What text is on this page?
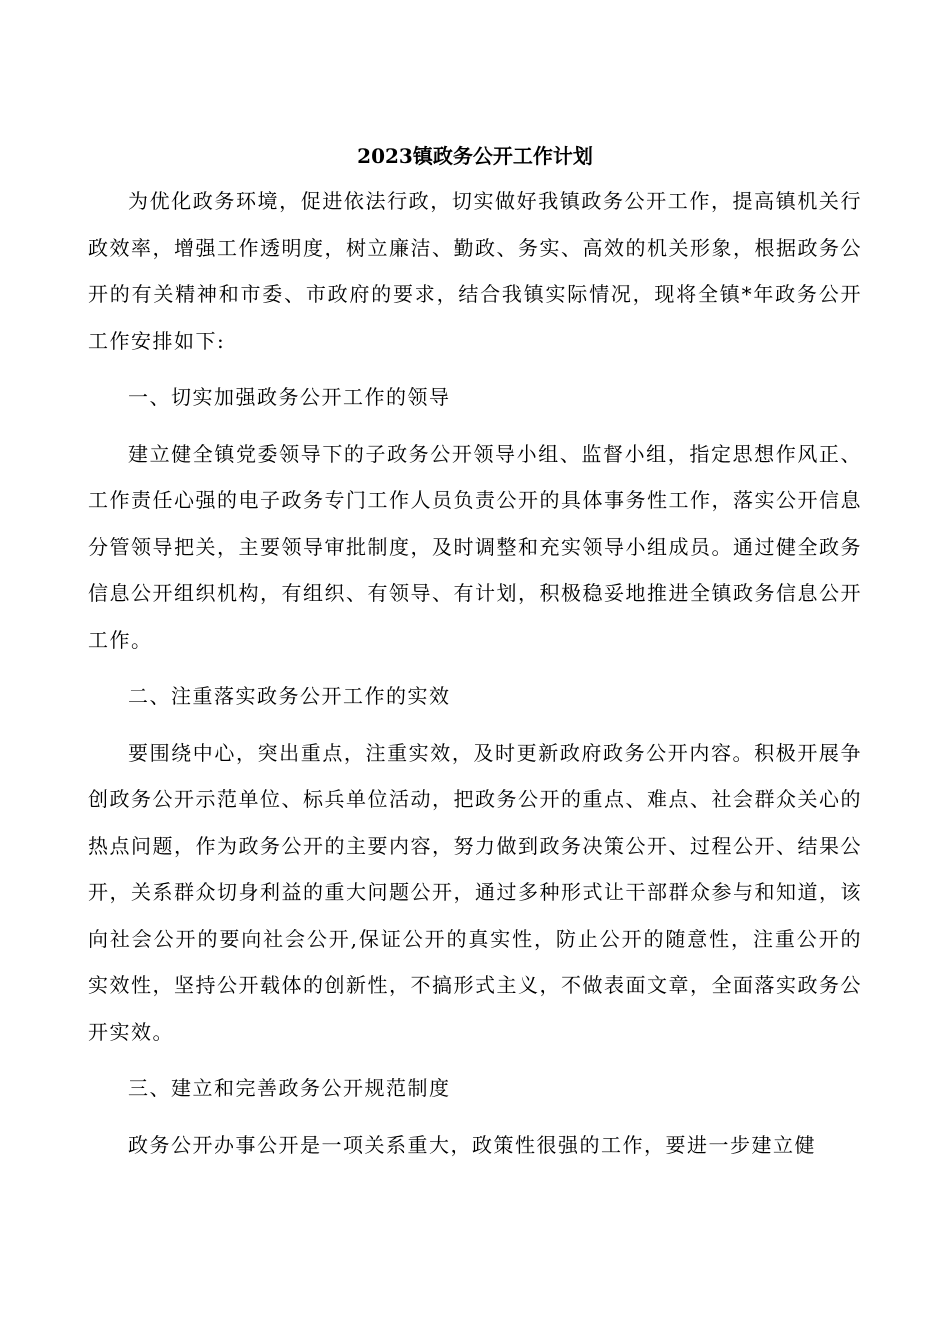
2023镇政务公开工作计划

为优化政务环境，促进依法行政，切实做好我镇政务公开工作，提高镇机关行政效率，增强工作透明度，树立廉洁、勤政、务实、高效的机关形象，根据政务公开的有关精神和市委、市政府的要求，结合我镇实际情况，现将全镇*年政务公开工作安排如下:

一、切实加强政务公开工作的领导

建立健全镇党委领导下的子政务公开领导小组、监督小组，指定思想作风正、工作责任心强的电子政务专门工作人员负责公开的具体事务性工作，落实公开信息分管领导把关，主要领导审批制度，及时调整和充实领导小组成员。通过健全政务信息公开组织机构，有组织、有领导、有计划，积极稳妥地推进全镇政务信息公开工作。

二、注重落实政务公开工作的实效

要围绕中心，突出重点，注重实效，及时更新政府政务公开内容。积极开展争创政务公开示范单位、标兵单位活动，把政务公开的重点、难点、社会群众关心的热点问题，作为政务公开的主要内容，努力做到政务决策公开、过程公开、结果公开，关系群众切身利益的重大问题公开，通过多种形式让干部群众参与和知道，该向社会公开的要向社会公开,保证公开的真实性，防止公开的随意性，注重公开的实效性，坚持公开载体的创新性，不搞形式主义，不做表面文章，全面落实政务公开实效。

三、建立和完善政务公开规范制度

政务公开办事公开是一项关系重大，政策性很强的工作，要进一步建立健
